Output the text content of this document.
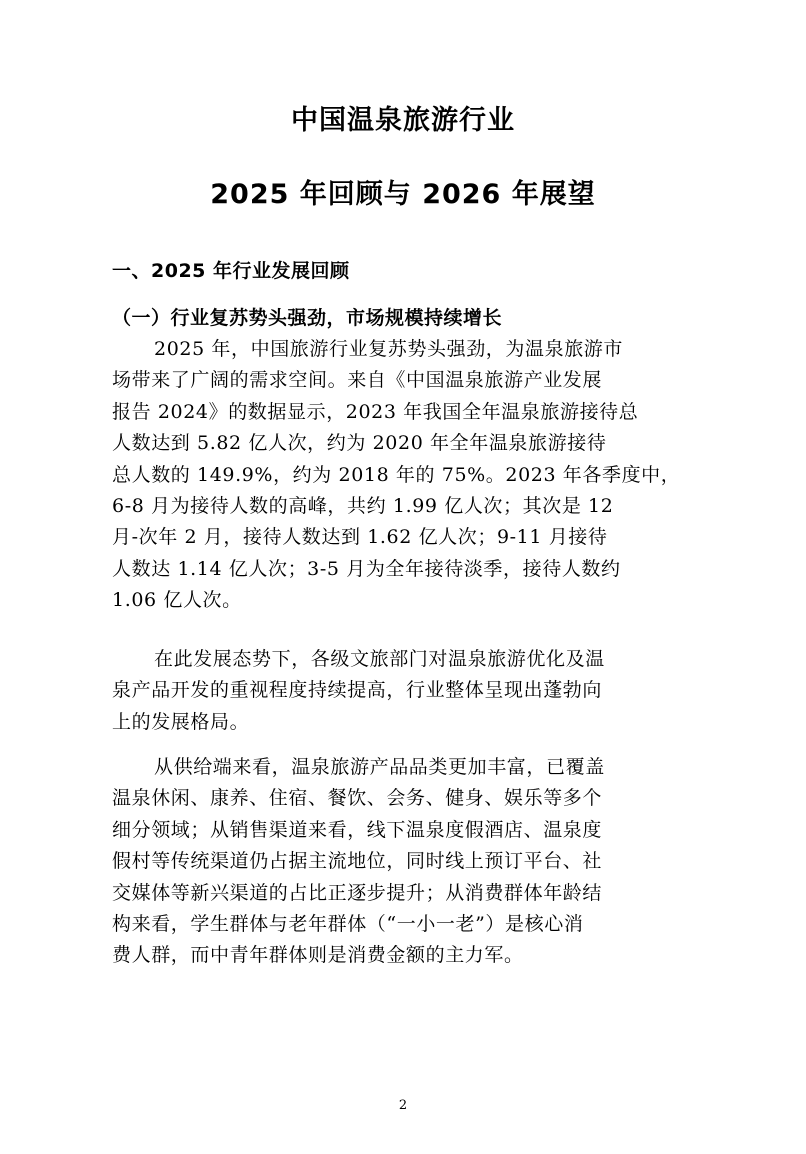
中国温泉旅游行业
2025 年回顾与 2026 年展望
一、2025 年行业发展回顾
（一）行业复苏势头强劲，市场规模持续增长
2025 年，中国旅游行业复苏势头强劲，为温泉旅游市
场带来了广阔的需求空间。来自《中国温泉旅游产业发展
报告 2024》的数据显示，2023 年我国全年温泉旅游接待总
人数达到 5.82 亿人次，约为 2020 年全年温泉旅游接待
总人数的 149.9%，约为 2018 年的 75%。2023 年各季度中，
6-8 月为接待人数的高峰，共约 1.99 亿人次；其次是 12
月-次年 2 月，接待人数达到 1.62 亿人次；9-11 月接待
人数达 1.14 亿人次；3-5 月为全年接待淡季，接待人数约
1.06 亿人次。
在此发展态势下，各级文旅部门对温泉旅游优化及温
泉产品开发的重视程度持续提高，行业整体呈现出蓬勃向
上的发展格局。
从供给端来看，温泉旅游产品品类更加丰富，已覆盖
温泉休闲、康养、住宿、餐饮、会务、健身、娱乐等多个
细分领域；从销售渠道来看，线下温泉度假酒店、温泉度
假村等传统渠道仍占据主流地位，同时线上预订平台、社
交媒体等新兴渠道的占比正逐步提升；从消费群体年龄结
构来看，学生群体与老年群体（“一小一老”）是核心消
费人群，而中青年群体则是消费金额的主力军。
2
